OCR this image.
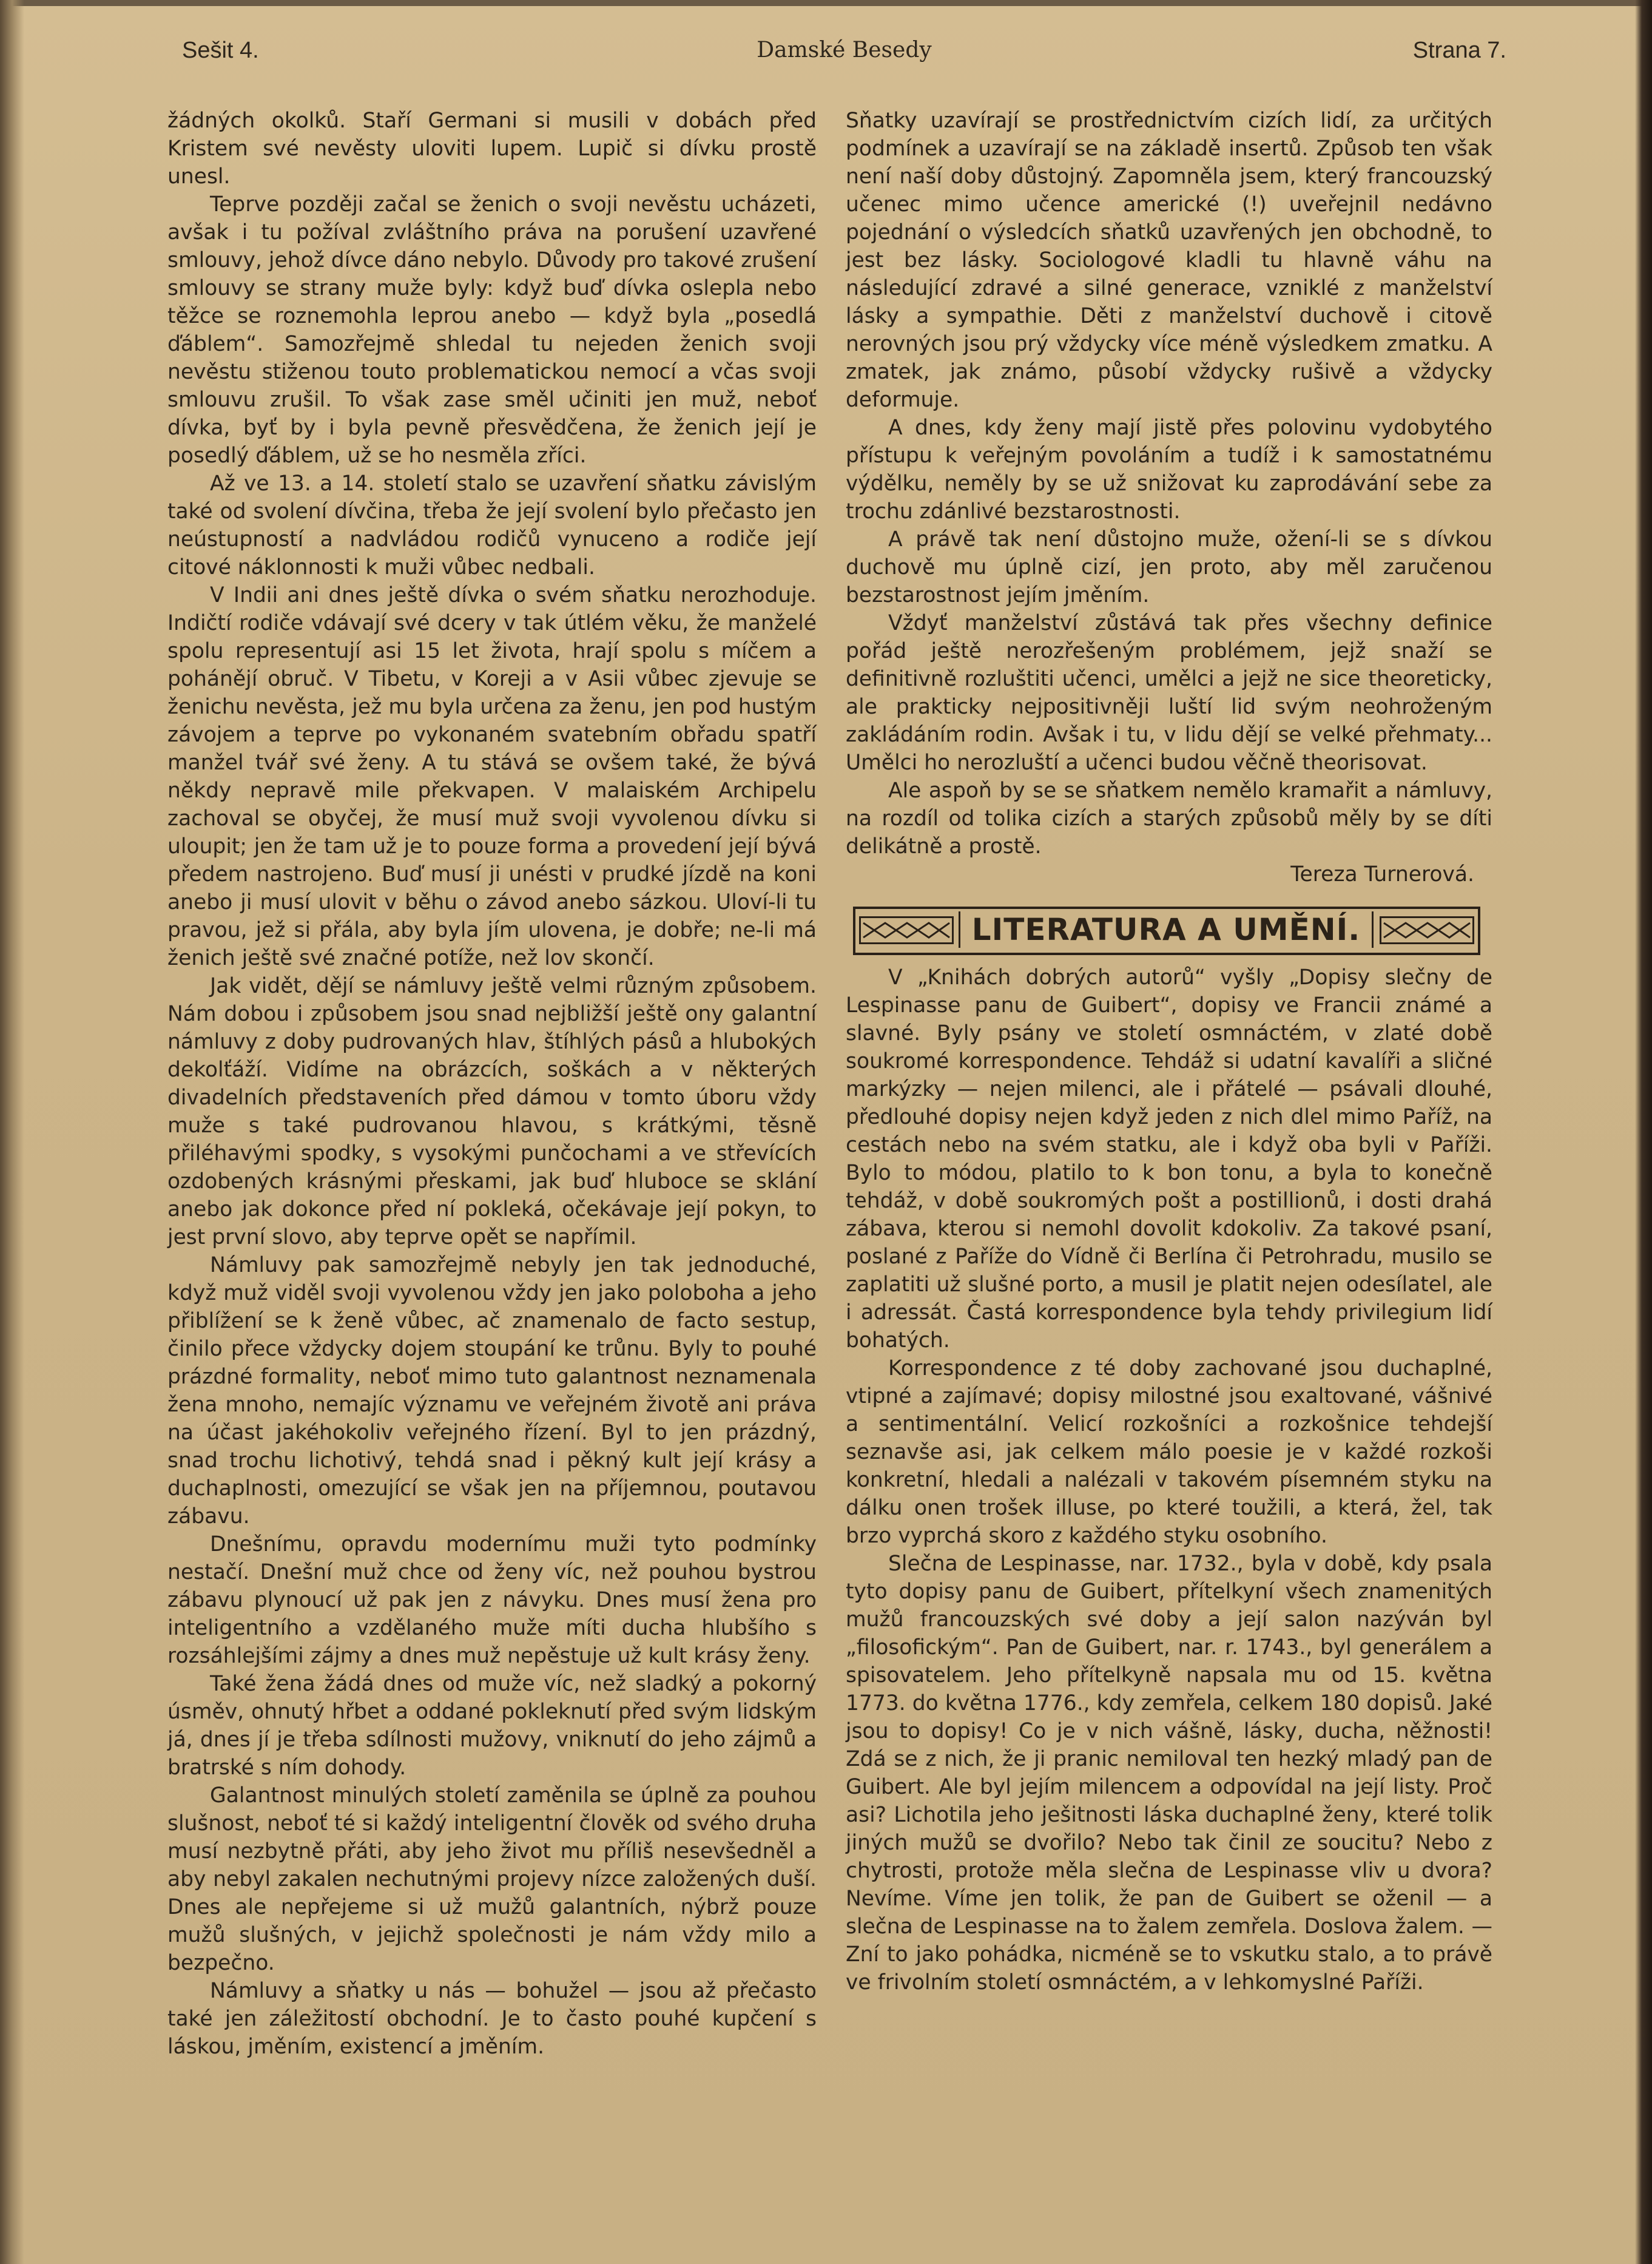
Sešit 4.	Damské Besedy	Strana 7.

žádných okolků. Staří Germani si musili v dobách před Kristem své nevěsty uloviti lupem. Lupič si dívku prostě unesl.

Teprve později začal se ženich o svoji nevěstu ucházeti, avšak i tu požíval zvláštního práva na porušení uzavřené smlouvy, jehož dívce dáno nebylo. Důvody pro takové zrušení smlouvy se strany muže byly: když buď dívka oslepla nebo těžce se roznemohla leprou anebo — když byla „posedlá ďáblem“. Samozřejmě shledal tu nejeden ženich svoji nevěstu stiženou touto problematickou nemocí a včas svoji smlouvu zrušil. To však zase směl učiniti jen muž, neboť dívka, byť by i byla pevně přesvědčena, že ženich její je posedlý ďáblem, už se ho nesměla zříci.

Až ve 13. a 14. století stalo se uzavření sňatku závislým také od svolení dívčina, třeba že její svolení bylo přečasto jen neústupností a nadvládou rodičů vynuceno a rodiče její citové náklonnosti k muži vůbec nedbali.

V Indii ani dnes ještě dívka o svém sňatku nerozhoduje. Indičtí rodiče vdávají své dcery v tak útlém věku, že manželé spolu representují asi 15 let života, hrají spolu s míčem a pohánějí obruč. V Tibetu, v Koreji a v Asii vůbec zjevuje se ženichu nevěsta, jež mu byla určena za ženu, jen pod hustým závojem a teprve po vykonaném svatebním obřadu spatří manžel tvář své ženy. A tu stává se ovšem také, že bývá někdy nepravě mile překvapen. V malaiském Archipelu zachoval se obyčej, že musí muž svoji vyvolenou dívku si uloupit; jen že tam už je to pouze forma a provedení její bývá předem nastrojeno. Buď musí ji unésti v prudké jízdě na koni anebo ji musí ulovit v běhu o závod anebo sázkou. Uloví-li tu pravou, jež si přála, aby byla jím ulovena, je dobře; ne-li má ženich ještě své značné potíže, než lov skončí.

Jak vidět, dějí se námluvy ještě velmi různým způsobem. Nám dobou i způsobem jsou snad nejbližší ještě ony galantní námluvy z doby pudrovaných hlav, štíhlých pásů a hlubokých dekolťáží. Vidíme na obrázcích, soškách a v některých divadelních představeních před dámou v tomto úboru vždy muže s také pudrovanou hlavou, s krátkými, těsně přiléhavými spodky, s vysokými punčochami a ve střevících ozdobených krásnými přeskami, jak buď hluboce se sklání anebo jak dokonce před ní pokleká, očekávaje její pokyn, to jest první slovo, aby teprve opět se napřímil.

Námluvy pak samozřejmě nebyly jen tak jednoduché, když muž viděl svoji vyvolenou vždy jen jako poloboha a jeho přiblížení se k ženě vůbec, ač znamenalo de facto sestup, činilo přece vždycky dojem stoupání ke trůnu. Byly to pouhé prázdné formality, neboť mimo tuto galantnost neznamenala žena mnoho, nemajíc významu ve veřejném životě ani práva na účast jakéhokoliv veřejného řízení. Byl to jen prázdný, snad trochu lichotivý, tehdá snad i pěkný kult její krásy a duchaplnosti, omezující se však jen na příjemnou, poutavou zábavu.

Dnešnímu, opravdu modernímu muži tyto podmínky nestačí. Dnešní muž chce od ženy víc, než pouhou bystrou zábavu plynoucí už pak jen z návyku. Dnes musí žena pro inteligentního a vzdělaného muže míti ducha hlubšího s rozsáhlejšími zájmy a dnes muž nepěstuje už kult krásy ženy.

Také žena žádá dnes od muže víc, než sladký a pokorný úsměv, ohnutý hřbet a oddané pokleknutí před svým lidským já, dnes jí je třeba sdílnosti mužovy, vniknutí do jeho zájmů a bratrské s ním dohody.

Galantnost minulých století zaměnila se úplně za pouhou slušnost, neboť té si každý inteligentní člověk od svého druha musí nezbytně přáti, aby jeho život mu příliš nesevšedněl a aby nebyl zakalen nechutnými projevy nízce založených duší. Dnes ale nepřejeme si už mužů galantních, nýbrž pouze mužů slušných, v jejichž společnosti je nám vždy milo a bezpečno.

Námluvy a sňatky u nás — bohužel — jsou až přečasto také jen záležitostí obchodní. Je to často pouhé kupčení s láskou, jměním, existencí a jměním.

Sňatky uzavírají se prostřednictvím cizích lidí, za určitých podmínek a uzavírají se na základě insertů. Způsob ten však není naší doby důstojný. Zapomněla jsem, který francouzský učenec mimo učence americké (!) uveřejnil nedávno pojednání o výsledcích sňatků uzavřených jen obchodně, to jest bez lásky. Sociologové kladli tu hlavně váhu na následující zdravé a silné generace, vzniklé z manželství lásky a sympathie. Děti z manželství duchově i citově nerovných jsou prý vždycky více méně výsledkem zmatku. A zmatek, jak známo, působí vždycky rušivě a vždycky deformuje.

A dnes, kdy ženy mají jistě přes polovinu vydobytého přístupu k veřejným povoláním a tudíž i k samostatnému výdělku, neměly by se už snižovat ku zaprodávání sebe za trochu zdánlivé bezstarostnosti.

A právě tak není důstojno muže, ožení-li se s dívkou duchově mu úplně cizí, jen proto, aby měl zaručenou bezstarostnost jejím jměním.

Vždyť manželství zůstává tak přes všechny definice pořád ještě nerozřešeným problémem, jejž snaží se definitivně rozluštiti učenci, umělci a jejž ne sice theoreticky, ale prakticky nejpositivněji luští lid svým neohroženým zakládáním rodin. Avšak i tu, v lidu dějí se velké přehmaty... Umělci ho nerozluští a učenci budou věčně theorisovat.

Ale aspoň by se se sňatkem nemělo kramařit a námluvy, na rozdíl od tolika cizích a starých způsobů měly by se díti delikátně a prostě.

Tereza Turnerová.

LITERATURA A UMĚNÍ.

V „Knihách dobrých autorů“ vyšly „Dopisy slečny de Lespinasse panu de Guibert“, dopisy ve Francii známé a slavné. Byly psány ve století osmnáctém, v zlaté době soukromé korrespondence. Tehdáž si udatní kavalíři a sličné markýzky — nejen milenci, ale i přátelé — psávali dlouhé, předlouhé dopisy nejen když jeden z nich dlel mimo Paříž, na cestách nebo na svém statku, ale i když oba byli v Paříži. Bylo to módou, platilo to k bon tonu, a byla to konečně tehdáž, v době soukromých pošt a postillionů, i dosti drahá zábava, kterou si nemohl dovolit kdokoliv. Za takové psaní, poslané z Paříže do Vídně či Berlína či Petrohradu, musilo se zaplatiti už slušné porto, a musil je platit nejen odesílatel, ale i adressát. Častá korrespondence byla tehdy privilegium lidí bohatých.

Korrespondence z té doby zachované jsou duchaplné, vtipné a zajímavé; dopisy milostné jsou exaltované, vášnivé a sentimentální. Velicí rozkošníci a rozkošnice tehdejší seznavše asi, jak celkem málo poesie je v každé rozkoši konkretní, hledali a nalézali v takovém písemném styku na dálku onen trošek illuse, po které toužili, a která, žel, tak brzo vyprchá skoro z každého styku osobního.

Slečna de Lespinasse, nar. 1732., byla v době, kdy psala tyto dopisy panu de Guibert, přítelkyní všech znamenitých mužů francouzských své doby a její salon nazýván byl „filosofickým“. Pan de Guibert, nar. r. 1743., byl generálem a spisovatelem. Jeho přítelkyně napsala mu od 15. května 1773. do května 1776., kdy zemřela, celkem 180 dopisů. Jaké jsou to dopisy! Co je v nich vášně, lásky, ducha, něžnosti! Zdá se z nich, že ji pranic nemiloval ten hezký mladý pan de Guibert. Ale byl jejím milencem a odpovídal na její listy. Proč asi? Lichotila jeho ješitnosti láska duchaplné ženy, které tolik jiných mužů se dvořilo? Nebo tak činil ze soucitu? Nebo z chytrosti, protože měla slečna de Lespinasse vliv u dvora? Nevíme. Víme jen tolik, že pan de Guibert se oženil — a slečna de Lespinasse na to žalem zemřela. Doslova žalem. — Zní to jako pohádka, nicméně se to vskutku stalo, a to právě ve frivolním století osmnáctém, a v lehkomyslné Paříži.
